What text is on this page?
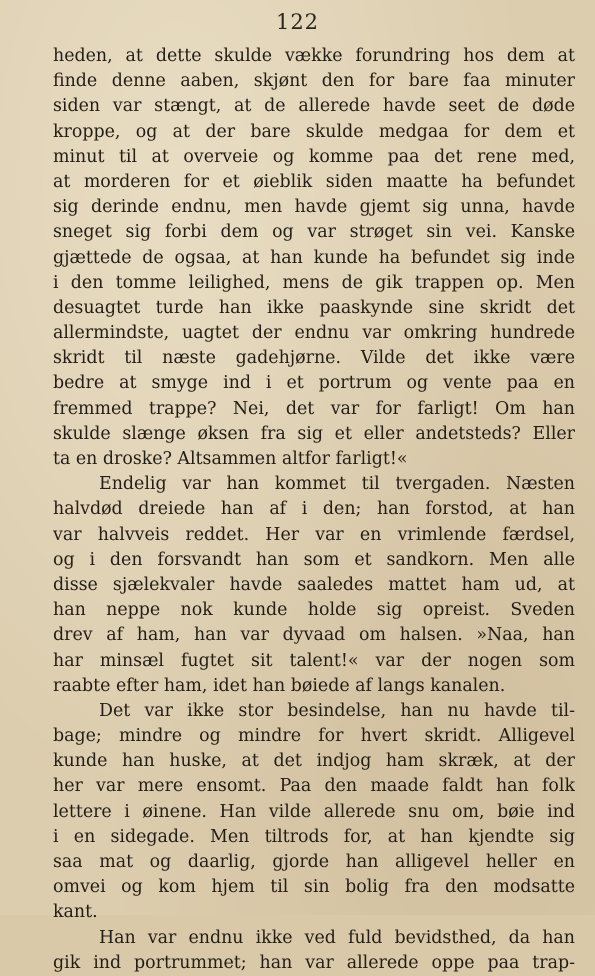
122
heden, at dette skulde vække forundring hos dem at
finde denne aaben, skjønt den for bare faa minuter
siden var stængt, at de allerede havde seet de døde
kroppe, og at der bare skulde medgaa for dem et
minut til at overveie og komme paa det rene med,
at morderen for et øieblik siden maatte ha befundet
sig derinde endnu, men havde gjemt sig unna, havde
sneget sig forbi dem og var strøget sin vei. Kanske
gjættede de ogsaa, at han kunde ha befundet sig inde
i den tomme leilighed, mens de gik trappen op. Men
desuagtet turde han ikke paaskynde sine skridt det
allermindste, uagtet der endnu var omkring hundrede
skridt til næste gadehjørne. Vilde det ikke være
bedre at smyge ind i et portrum og vente paa en
fremmed trappe? Nei, det var for farligt! Om han
skulde slænge øksen fra sig et eller andetsteds? Eller
ta en droske? Altsammen altfor farligt!«
Endelig var han kommet til tvergaden. Næsten
halvdød dreiede han af i den; han forstod, at han
var halvveis reddet. Her var en vrimlende færdsel,
og i den forsvandt han som et sandkorn. Men alle
disse sjælekvaler havde saaledes mattet ham ud, at
han neppe nok kunde holde sig opreist. Sveden
drev af ham, han var dyvaad om halsen. »Naa, han
har minsæl fugtet sit talent!« var der nogen som
raabte efter ham, idet han bøiede af langs kanalen.
Det var ikke stor besindelse, han nu havde til-
bage; mindre og mindre for hvert skridt. Alligevel
kunde han huske, at det indjog ham skræk, at der
her var mere ensomt. Paa den maade faldt han folk
lettere i øinene. Han vilde allerede snu om, bøie ind
i en sidegade. Men tiltrods for, at han kjendte sig
saa mat og daarlig, gjorde han alligevel heller en
omvei og kom hjem til sin bolig fra den modsatte
kant.
Han var endnu ikke ved fuld bevidsthed, da han
gik ind portrummet; han var allerede oppe paa trap-
